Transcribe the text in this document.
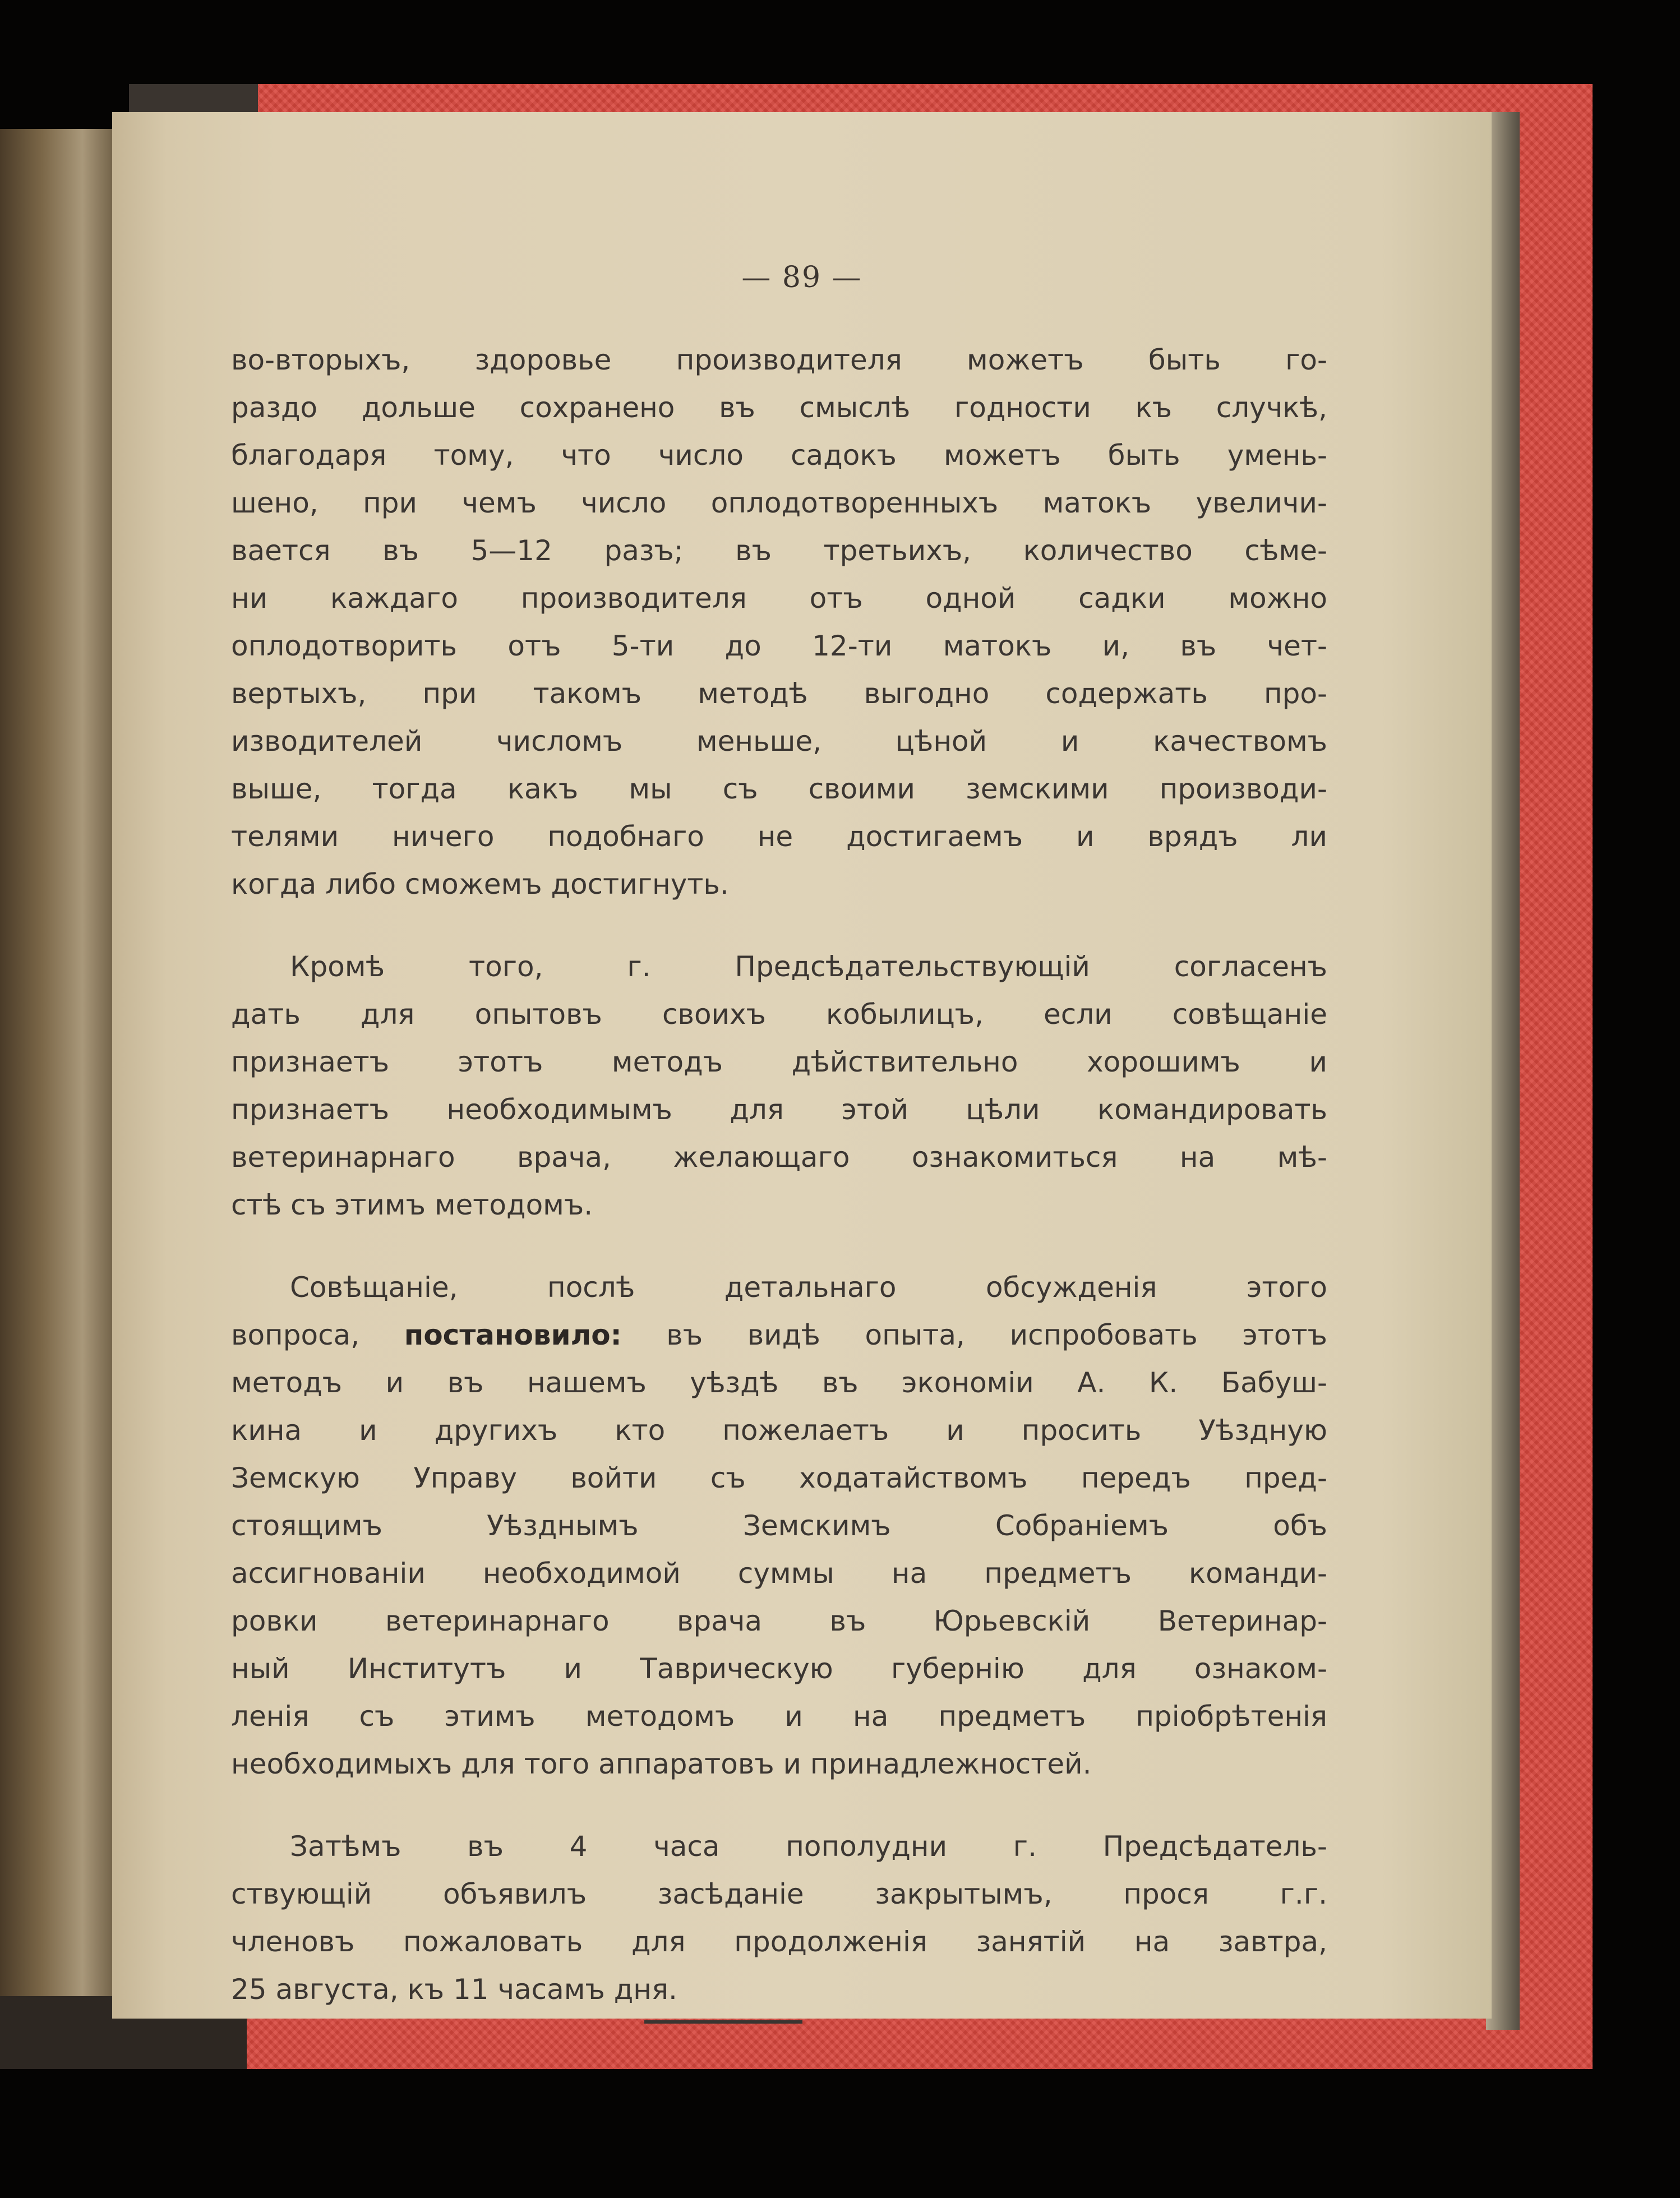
— 89 —
во-вторыхъ, здоровье производителя можетъ быть го-
раздо дольше сохранено въ смыслѣ годности къ случкѣ,
благодаря тому, что число садокъ можетъ быть умень-
шено, при чемъ число оплодотворенныхъ матокъ увеличи-
вается въ 5—12 разъ; въ третьихъ, количество сѣме-
ни каждаго производителя отъ одной садки можно
оплодотворить отъ 5-ти до 12-ти матокъ и, въ чет-
вертыхъ, при такомъ методѣ выгодно содержать про-
изводителей числомъ меньше, цѣной и качествомъ
выше, тогда какъ мы съ своими земскими производи-
телями ничего подобнаго не достигаемъ и врядъ ли
когда либо сможемъ достигнуть.
Кромѣ того, г. Предсѣдательствующій согласенъ
дать для опытовъ своихъ кобылицъ, если совѣщаніе
признаетъ этотъ методъ дѣйствительно хорошимъ и
признаетъ необходимымъ для этой цѣли командировать
ветеринарнаго врача, желающаго ознакомиться на мѣ-
стѣ съ этимъ методомъ.
Совѣщаніе, послѣ детальнаго обсужденія этого
вопроса, постановило: въ видѣ опыта, испробовать этотъ
методъ и въ нашемъ уѣздѣ въ экономіи А. К. Бабуш-
кина и другихъ кто пожелаетъ и просить Уѣздную
Земскую Управу войти съ ходатайствомъ передъ пред-
стоящимъ Уѣзднымъ Земскимъ Собраніемъ объ
ассигнованіи необходимой суммы на предметъ команди-
ровки ветеринарнаго врача въ Юрьевскій Ветеринар-
ный Институтъ и Таврическую губернію для ознаком-
ленія съ этимъ методомъ и на предметъ пріобрѣтенія
необходимыхъ для того аппаратовъ и принадлежностей.
Затѣмъ въ 4 часа пополудни г. Предсѣдатель-
ствующій объявилъ засѣданіе закрытымъ, прося г.г.
членовъ пожаловать для продолженія занятій на завтра,
25 августа, къ 11 часамъ дня.
